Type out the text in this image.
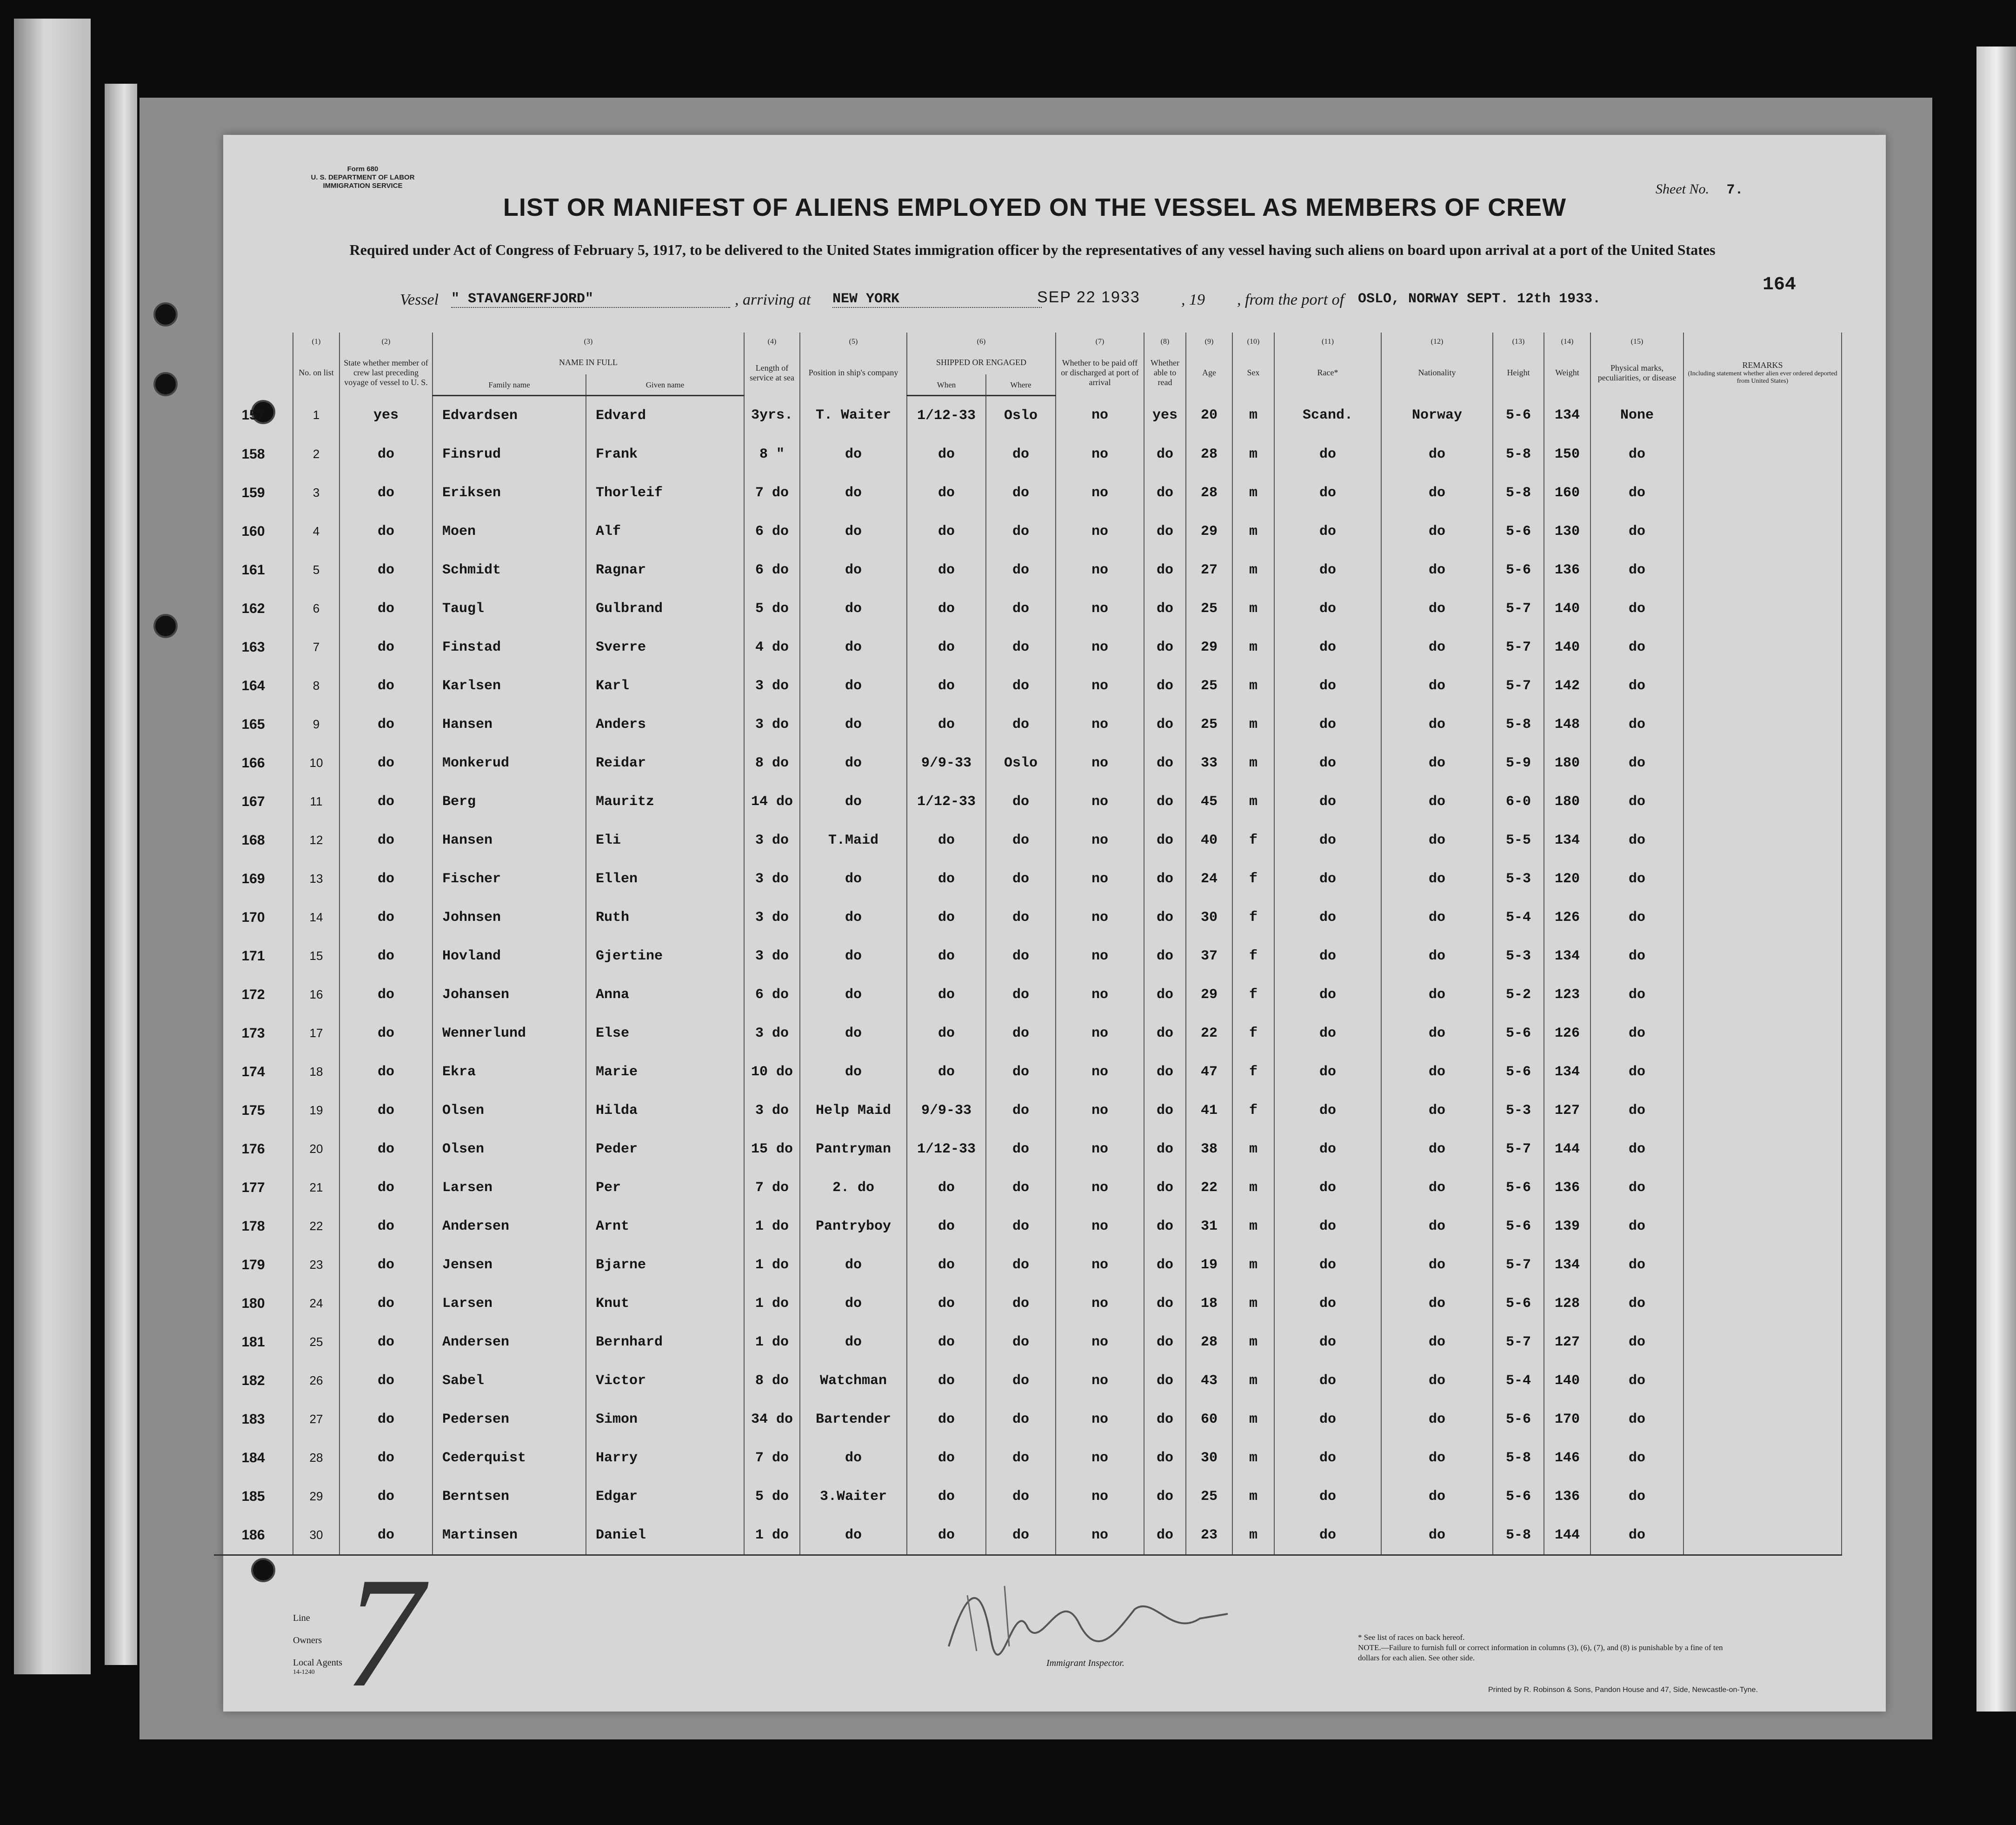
Form 680
U. S. DEPARTMENT OF LABOR
IMMIGRATION SERVICE	Sheet No. 7.
LIST OR MANIFEST OF ALIENS EMPLOYED ON THE VESSEL AS MEMBERS OF CREW
Required under Act of Congress of February 5, 1917, to be delivered to the United States immigration officer by the representatives of any vessel having such aliens on board upon arrival at a port of the United States
164
Vessel " STAVANGERFJORD"	, arriving at NEW YORK	SEP 22 1933	, 19 , from the port of OSLO, NORWAY SEPT. 12th 1933.
	(1)	(2)	(3)		(4)	(5)	(6)		(7)	(8)	(9)	(10)	(11)	(12)	(13)	(14)	(15)	
	No. on list	State whether member of crew last preceding voyage of vessel to U. S.	NAME IN FULL		Length of service at sea	Position in ship's company	SHIPPED OR ENGAGED		Whether to be paid off or discharged at port of arrival	Whether able to read	Age	Sex	Race*	Nationality	Height	Weight	Physical marks, peculiarities, or disease	REMARKS
(Including statement whether alien ever ordered deported from United States)

			Family name	Given name			When	Where										
157	1	yes	Edvardsen	Edvard	3yrs.	T. Waiter	1/12-33	Oslo	no	yes	20	m	Scand.	Norway	5-6	134	None	
158	2	do	Finsrud	Frank	8 "	do	do	do	no	do	28	m	do	do	5-8	150	do	
159	3	do	Eriksen	Thorleif	7 do	do	do	do	no	do	28	m	do	do	5-8	160	do	
160	4	do	Moen	Alf	6 do	do	do	do	no	do	29	m	do	do	5-6	130	do	
161	5	do	Schmidt	Ragnar	6 do	do	do	do	no	do	27	m	do	do	5-6	136	do	
162	6	do	Taugl	Gulbrand	5 do	do	do	do	no	do	25	m	do	do	5-7	140	do	
163	7	do	Finstad	Sverre	4 do	do	do	do	no	do	29	m	do	do	5-7	140	do	
164	8	do	Karlsen	Karl	3 do	do	do	do	no	do	25	m	do	do	5-7	142	do	
165	9	do	Hansen	Anders	3 do	do	do	do	no	do	25	m	do	do	5-8	148	do	
166	10	do	Monkerud	Reidar	8 do	do	9/9-33	Oslo	no	do	33	m	do	do	5-9	180	do	
167	11	do	Berg	Mauritz	14 do	do	1/12-33	do	no	do	45	m	do	do	6-0	180	do	
168	12	do	Hansen	Eli	3 do	T.Maid	do	do	no	do	40	f	do	do	5-5	134	do	
169	13	do	Fischer	Ellen	3 do	do	do	do	no	do	24	f	do	do	5-3	120	do	
170	14	do	Johnsen	Ruth	3 do	do	do	do	no	do	30	f	do	do	5-4	126	do	
171	15	do	Hovland	Gjertine	3 do	do	do	do	no	do	37	f	do	do	5-3	134	do	
172	16	do	Johansen	Anna	6 do	do	do	do	no	do	29	f	do	do	5-2	123	do	
173	17	do	Wennerlund	Else	3 do	do	do	do	no	do	22	f	do	do	5-6	126	do	
174	18	do	Ekra	Marie	10 do	do	do	do	no	do	47	f	do	do	5-6	134	do	
175	19	do	Olsen	Hilda	3 do	Help Maid	9/9-33	do	no	do	41	f	do	do	5-3	127	do	
176	20	do	Olsen	Peder	15 do	Pantryman	1/12-33	do	no	do	38	m	do	do	5-7	144	do	
177	21	do	Larsen	Per	7 do	2. do	do	do	no	do	22	m	do	do	5-6	136	do	
178	22	do	Andersen	Arnt	1 do	Pantryboy	do	do	no	do	31	m	do	do	5-6	139	do	
179	23	do	Jensen	Bjarne	1 do	do	do	do	no	do	19	m	do	do	5-7	134	do	
180	24	do	Larsen	Knut	1 do	do	do	do	no	do	18	m	do	do	5-6	128	do	
181	25	do	Andersen	Bernhard	1 do	do	do	do	no	do	28	m	do	do	5-7	127	do	
182	26	do	Sabel	Victor	8 do	Watchman	do	do	no	do	43	m	do	do	5-4	140	do	
183	27	do	Pedersen	Simon	34 do	Bartender	do	do	no	do	60	m	do	do	5-6	170	do	
184	28	do	Cederquist	Harry	7 do	do	do	do	no	do	30	m	do	do	5-8	146	do	
185	29	do	Berntsen	Edgar	5 do	3.Waiter	do	do	no	do	25	m	do	do	5-6	136	do	
186	30	do	Martinsen	Daniel	1 do	do	do	do	no	do	23	m	do	do	5-8	144	do	
7
Line
Owners
Local Agents
14-1240
Immigrant Inspector.
* See list of races on back hereof.
NOTE.—Failure to furnish full or correct information in columns (3), (6), (7), and (8) is punishable by a fine of ten dollars for each alien. See other side.
Printed by R. Robinson & Sons, Pandon House and 47, Side, Newcastle-on-Tyne.
